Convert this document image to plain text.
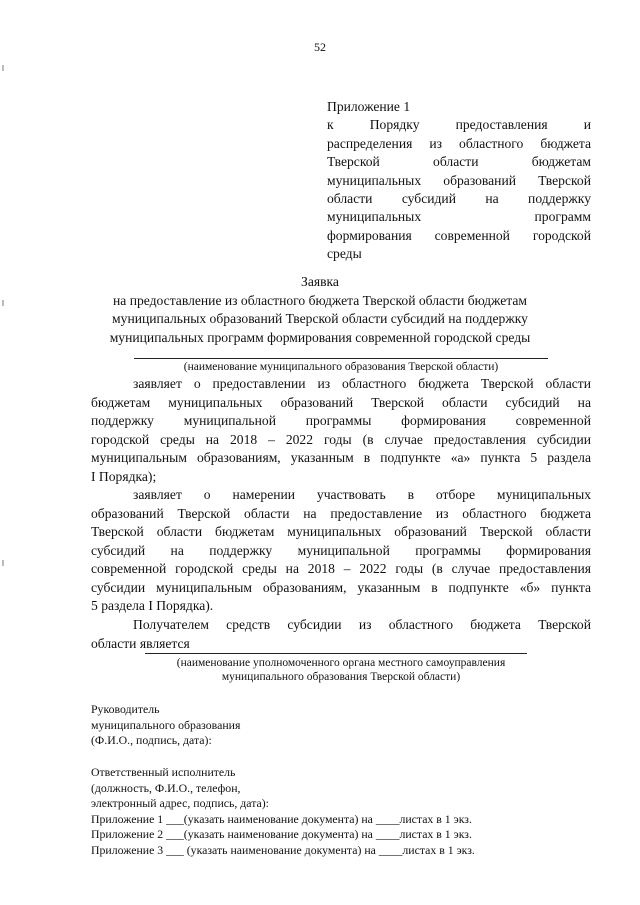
52
Приложение 1
к Порядку предоставления и
распределения из областного бюджета
Тверской области бюджетам
муниципальных образований Тверской
области субсидий на поддержку
муниципальных программ
формирования современной городской
среды
Заявка
на предоставление из областного бюджета Тверской области бюджетам
муниципальных образований Тверской области субсидий на поддержку
муниципальных программ формирования современной городской среды
(наименование муниципального образования Тверской области)
заявляет о предоставлении из областного бюджета Тверской области
бюджетам муниципальных образований Тверской области субсидий на
поддержку муниципальной программы формирования современной
городской среды на 2018 – 2022 годы (в случае предоставления субсидии
муниципальным образованиям, указанным в подпункте «а» пункта 5 раздела
I Порядка);
заявляет о намерении участвовать в отборе муниципальных
образований Тверской области на предоставление из областного бюджета
Тверской области бюджетам муниципальных образований Тверской области
субсидий на поддержку муниципальной программы формирования
современной городской среды на 2018 – 2022 годы (в случае предоставления
субсидии муниципальным образованиям, указанным в подпункте «б» пункта
5 раздела I Порядка).
Получателем средств субсидии из областного бюджета Тверской
области является
(наименование уполномоченного органа местного самоуправления
муниципального образования Тверской области)
Руководитель
муниципального образования
(Ф.И.О., подпись, дата):
Ответственный исполнитель
(должность, Ф.И.О., телефон,
электронный адрес, подпись, дата):
Приложение 1 ___(указать наименование документа) на ____листах в 1 экз.
Приложение 2 ___(указать наименование документа) на ____листах в 1 экз.
Приложение 3 ___ (указать наименование документа) на ____листах в 1 экз.
